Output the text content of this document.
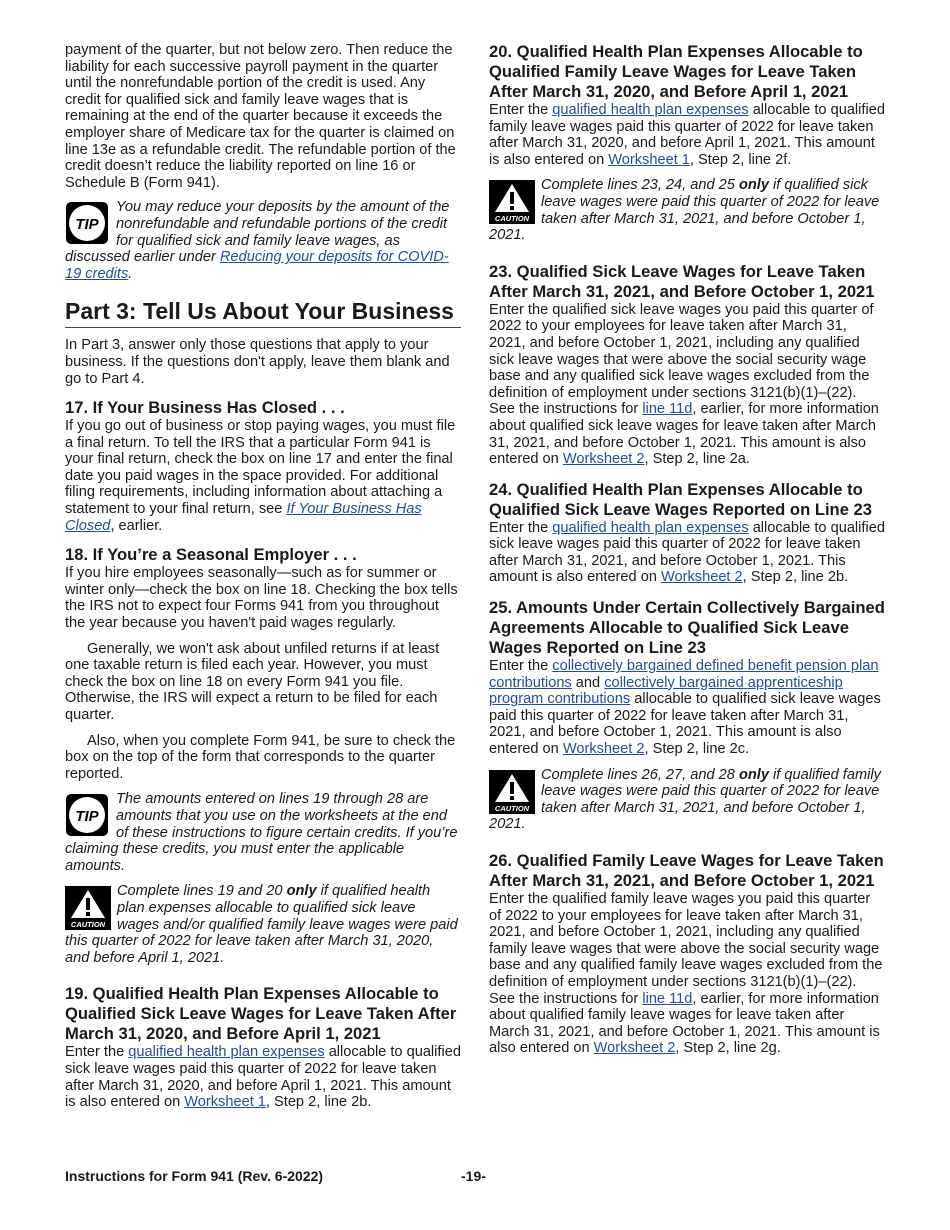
payment of the quarter, but not below zero. Then reduce the liability for each successive payroll payment in the quarter until the nonrefundable portion of the credit is used. Any credit for qualified sick and family leave wages that is remaining at the end of the quarter because it exceeds the employer share of Medicare tax for the quarter is claimed on line 13e as a refundable credit. The refundable portion of the credit doesn’t reduce the liability reported on line 16 or Schedule B (Form 941).

TIP
You may reduce your deposits by the amount of the nonrefundable and refundable portions of the credit for qualified sick and family leave wages, as discussed earlier under Reducing your deposits for COVID-19 credits.
Part 3: Tell Us About Your Business

In Part 3, answer only those questions that apply to your business. If the questions don't apply, leave them blank and go to Part 4.

17. If Your Business Has Closed . . .

If you go out of business or stop paying wages, you must file a final return. To tell the IRS that a particular Form 941 is your final return, check the box on line 17 and enter the final date you paid wages in the space provided. For additional filing requirements, including information about attaching a statement to your final return, see If Your Business Has Closed, earlier.

18. If You’re a Seasonal Employer . . .

If you hire employees seasonally—such as for summer or winter only—check the box on line 18. Checking the box tells the IRS not to expect four Forms 941 from you throughout the year because you haven't paid wages regularly.

Generally, we won't ask about unfiled returns if at least one taxable return is filed each year. However, you must check the box on line 18 on every Form 941 you file. Otherwise, the IRS will expect a return to be filed for each quarter.

Also, when you complete Form 941, be sure to check the box on the top of the form that corresponds to the quarter reported.

TIP
The amounts entered on lines 19 through 28 are amounts that you use on the worksheets at the end of these instructions to figure certain credits. If you’re claiming these credits, you must enter the applicable amounts.
CAUTION
Complete lines 19 and 20 only if qualified health plan expenses allocable to qualified sick leave wages and/or qualified family leave wages were paid this quarter of 2022 for leave taken after March 31, 2020, and before April 1, 2021.
19. Qualified Health Plan Expenses Allocable to Qualified Sick Leave Wages for Leave Taken After March 31, 2020, and Before April 1, 2021

Enter the qualified health plan expenses allocable to qualified sick leave wages paid this quarter of 2022 for leave taken after March 31, 2020, and before April 1, 2021. This amount is also entered on Worksheet 1, Step 2, line 2b.

20. Qualified Health Plan Expenses Allocable to Qualified Family Leave Wages for Leave Taken After March 31, 2020, and Before April 1, 2021

Enter the qualified health plan expenses allocable to qualified family leave wages paid this quarter of 2022 for leave taken after March 31, 2020, and before April 1, 2021. This amount is also entered on Worksheet 1, Step 2, line 2f.

CAUTION
Complete lines 23, 24, and 25 only if qualified sick leave wages were paid this quarter of 2022 for leave taken after March 31, 2021, and before October 1, 2021.
23. Qualified Sick Leave Wages for Leave Taken After March 31, 2021, and Before October 1, 2021

Enter the qualified sick leave wages you paid this quarter of 2022 to your employees for leave taken after March 31, 2021, and before October 1, 2021, including any qualified sick leave wages that were above the social security wage base and any qualified sick leave wages excluded from the definition of employment under sections 3121(b)(1)–(22). See the instructions for line 11d, earlier, for more information about qualified sick leave wages for leave taken after March 31, 2021, and before October 1, 2021. This amount is also entered on Worksheet 2, Step 2, line 2a.

24. Qualified Health Plan Expenses Allocable to Qualified Sick Leave Wages Reported on Line 23

Enter the qualified health plan expenses allocable to qualified sick leave wages paid this quarter of 2022 for leave taken after March 31, 2021, and before October 1, 2021. This amount is also entered on Worksheet 2, Step 2, line 2b.

25. Amounts Under Certain Collectively Bargained Agreements Allocable to Qualified Sick Leave Wages Reported on Line 23

Enter the collectively bargained defined benefit pension plan contributions and collectively bargained apprenticeship program contributions allocable to qualified sick leave wages paid this quarter of 2022 for leave taken after March 31, 2021, and before October 1, 2021. This amount is also entered on Worksheet 2, Step 2, line 2c.

CAUTION
Complete lines 26, 27, and 28 only if qualified family leave wages were paid this quarter of 2022 for leave taken after March 31, 2021, and before October 1, 2021.
26. Qualified Family Leave Wages for Leave Taken After March 31, 2021, and Before October 1, 2021

Enter the qualified family leave wages you paid this quarter of 2022 to your employees for leave taken after March 31, 2021, and before October 1, 2021, including any qualified family leave wages that were above the social security wage base and any qualified family leave wages excluded from the definition of employment under sections 3121(b)(1)–(22). See the instructions for line 11d, earlier, for more information about qualified family leave wages for leave taken after March 31, 2021, and before October 1, 2021. This amount is also entered on Worksheet 2, Step 2, line 2g.

Instructions for Form 941 (Rev. 6-2022)	-19-
